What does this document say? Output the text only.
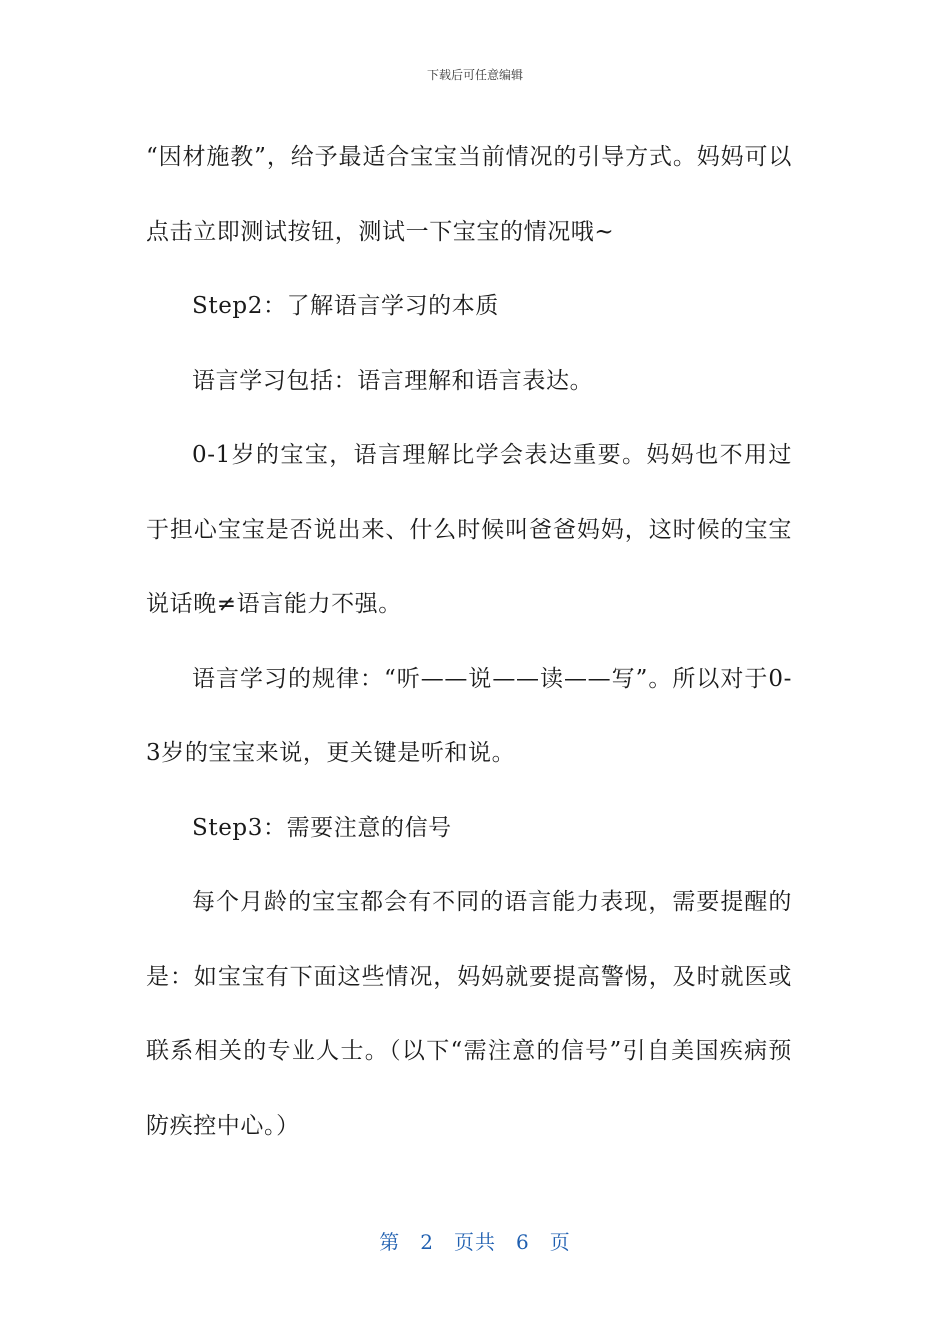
下载后可任意编辑

“因材施教”，给予最适合宝宝当前情况的引导方式。妈妈可以点击立即测试按钮，测试一下宝宝的情况哦~

Step2：了解语言学习的本质

语言学习包括：语言理解和语言表达。

0-1岁的宝宝，语言理解比学会表达重要。妈妈也不用过于担心宝宝是否说出来、什么时候叫爸爸妈妈，这时候的宝宝说话晚≠语言能力不强。

语言学习的规律：“听——说——读——写”。所以对于0-3岁的宝宝来说，更关键是听和说。

Step3：需要注意的信号

每个月龄的宝宝都会有不同的语言能力表现，需要提醒的是：如宝宝有下面这些情况，妈妈就要提高警惕，及时就医或联系相关的专业人士。（以下“需注意的信号”引自美国疾病预防疾控中心。）

第 2 页共 6 页
